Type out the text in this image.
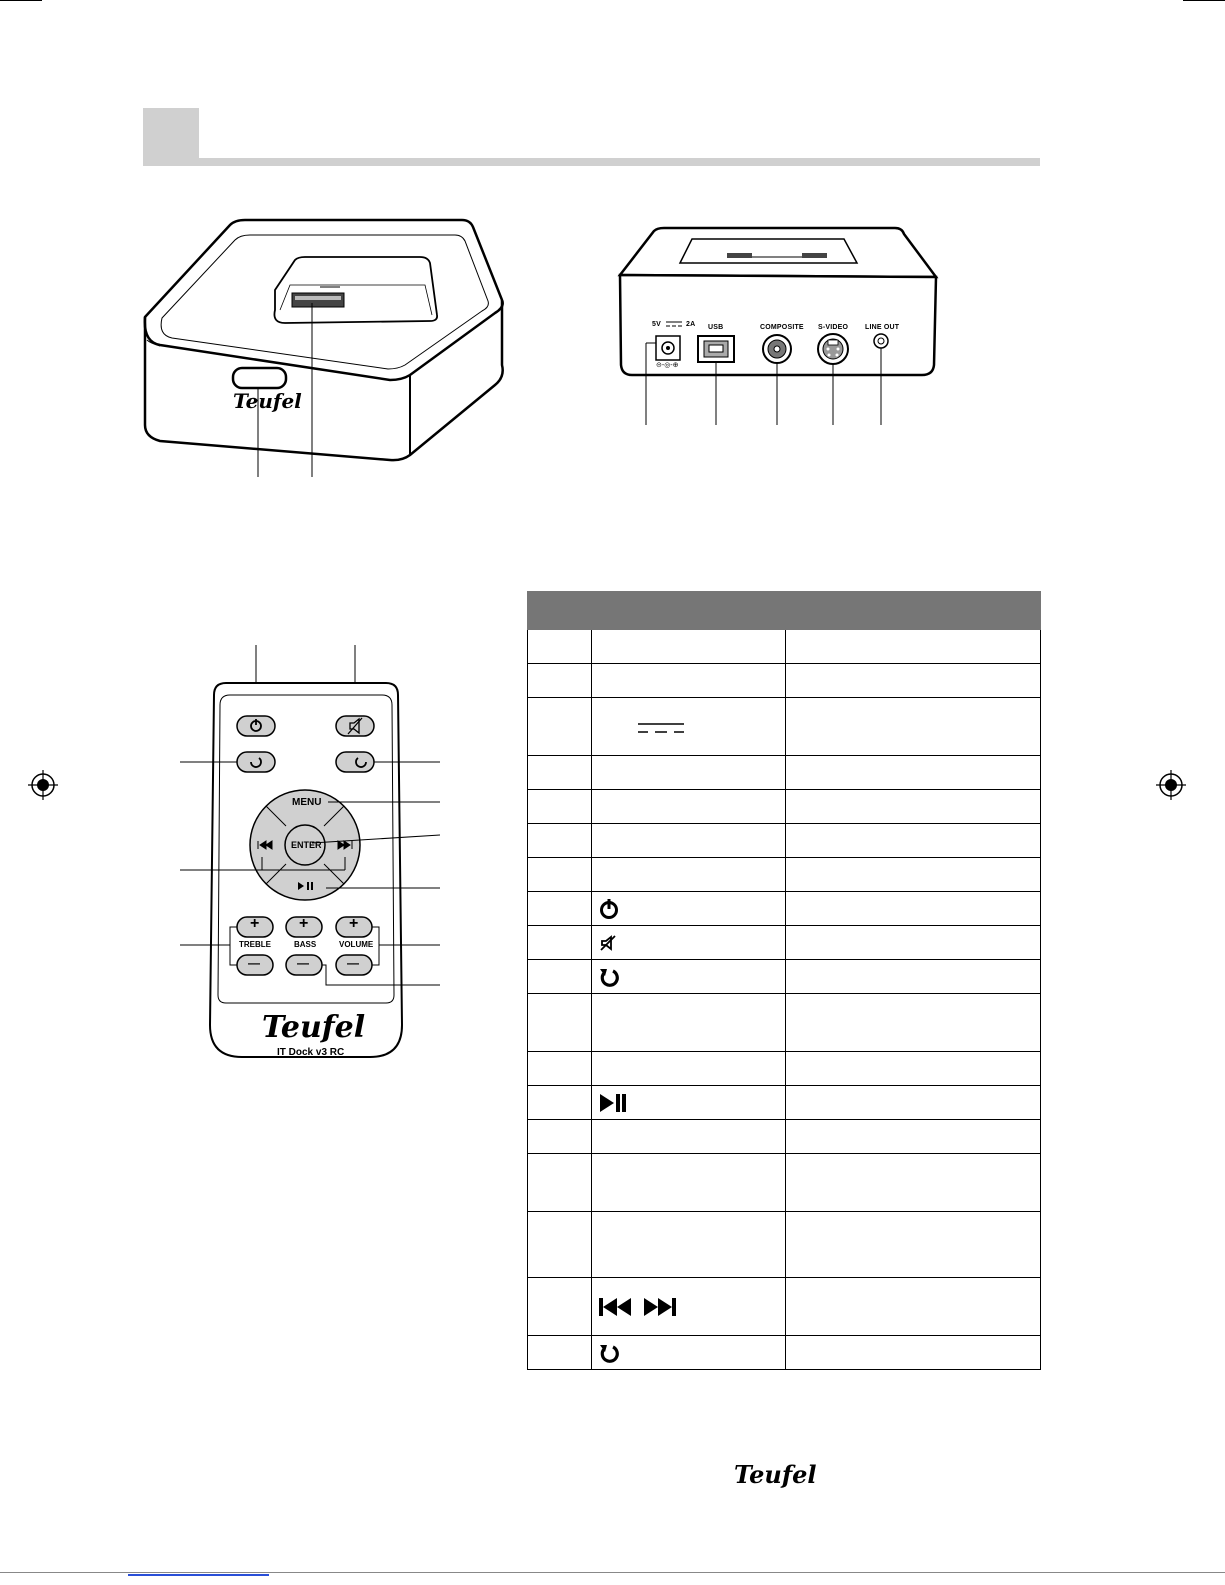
Teufel
⊝-◎-⊕
5V	2A USB	COMPOSITE S-VIDEO LINE OUT
MENU
ENTER
+ +	+
TREBLE	BASS	VOLUME
—	—	—
Teufel
IT Dock v3 RC

Teufel
